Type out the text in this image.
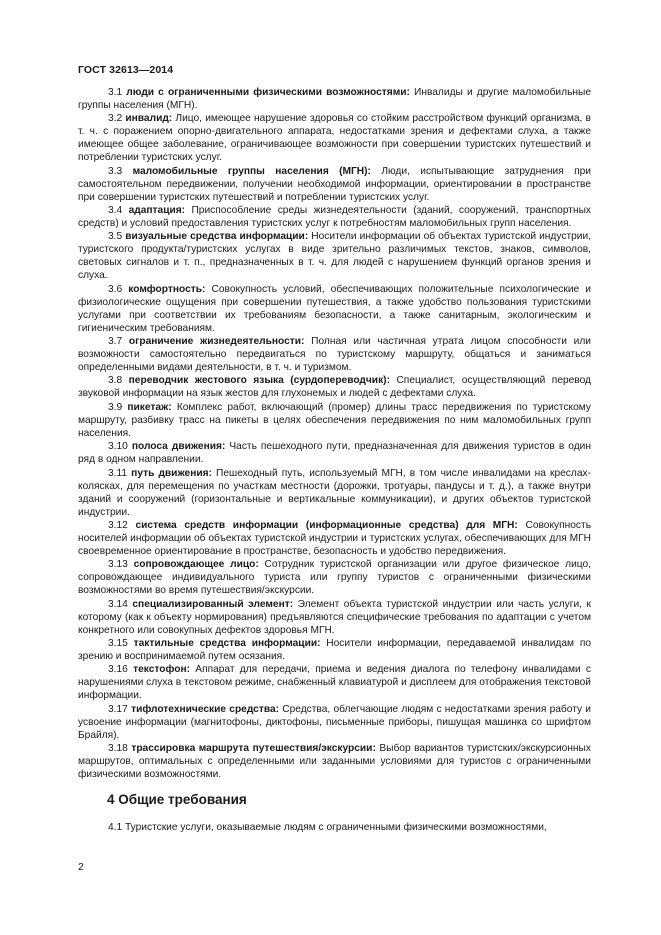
ГОСТ 32613—2014

3.1 люди с ограниченными физическими возможностями: Инвалиды и другие маломобильные группы населения (МГН).

3.2 инвалид: Лицо, имеющее нарушение здоровья со стойким расстройством функций организма, в т. ч. с поражением опорно-двигательного аппарата, недостатками зрения и дефектами слуха, а также имеющее общее заболевание, ограничивающее возможности при совершении туристских путешествий и потреблении туристских услуг.

3.3 маломобильные группы населения (МГН): Люди, испытывающие затруднения при самостоятельном передвижении, получении необходимой информации, ориентировании в пространстве при совершении туристских путешествий и потреблении туристских услуг.

3.4 адаптация: Приспособление среды жизнедеятельности (зданий, сооружений, транспортных средств) и условий предоставления туристских услуг к потребностям маломобильных групп населения.

3.5 визуальные средства информации: Носители информации об объектах туристской индустрии, туристского продукта/туристских услугах в виде зрительно различимых текстов, знаков, символов, световых сигналов и т. п., предназначенных в т. ч. для людей с нарушением функций органов зрения и слуха.

3.6 комфортность: Совокупность условий, обеспечивающих положительные психологические и физиологические ощущения при совершении путешествия, а также удобство пользования туристскими услугами при соответствии их требованиям безопасности, а также санитарным, экологическим и гигиеническим требованиям.

3.7 ограничение жизнедеятельности: Полная или частичная утрата лицом способности или возможности самостоятельно передвигаться по туристскому маршруту, общаться и заниматься определенными видами деятельности, в т. ч. и туризмом.

3.8 переводчик жестового языка (сурдопереводчик): Специалист, осуществляющий перевод звуковой информации на язык жестов для глухонемых и людей с дефектами слуха.

3.9 пикетаж: Комплекс работ, включающий (промер) длины трасс передвижения по туристскому маршруту, разбивку трасс на пикеты в целях обеспечения передвижения по ним маломобильных групп населения.

3.10 полоса движения: Часть пешеходного пути, предназначенная для движения туристов в один ряд в одном направлении.

3.11 путь движения: Пешеходный путь, используемый МГН, в том числе инвалидами на креслах-колясках, для перемещения по участкам местности (дорожки, тротуары, пандусы и т. д.), а также внутри зданий и сооружений (горизонтальные и вертикальные коммуникации), и других объектов туристской индустрии.

3.12 система средств информации (информационные средства) для МГН: Совокупность носителей информации об объектах туристской индустрии и туристских услугах, обеспечивающих для МГН своевременное ориентирование в пространстве, безопасность и удобство передвижения.

3.13 сопровождающее лицо: Сотрудник туристской организации или другое физическое лицо, сопровождающее индивидуального туриста или группу туристов с ограниченными физическими возможностями во время путешествия/экскурсии.

3.14 специализированный элемент: Элемент объекта туристской индустрии или часть услуги, к которому (как к объекту нормирования) предъявляются специфические требования по адаптации с учетом конкретного или совокупных дефектов здоровья МГН.

3.15 тактильные средства информации: Носители информации, передаваемой инвалидам по зрению и воспринимаемой путем осязания.

3.16 текстофон: Аппарат для передачи, приема и ведения диалога по телефону инвалидами с нарушениями слуха в текстовом режиме, снабженный клавиатурой и дисплеем для отображения текстовой информации.

3.17 тифлотехнические средства: Средства, облегчающие людям с недостатками зрения работу и усвоение информации (магнитофоны, диктофоны, письменные приборы, пишущая машинка со шрифтом Брайля).

3.18 трассировка маршрута путешествия/экскурсии: Выбор вариантов туристских/экскурсионных маршрутов, оптимальных с определенными или заданными условиями для туристов с ограниченными физическими возможностями.

4 Общие требования
4.1 Туристские услуги, оказываемые людям с ограниченными физическими возможностями,
2
